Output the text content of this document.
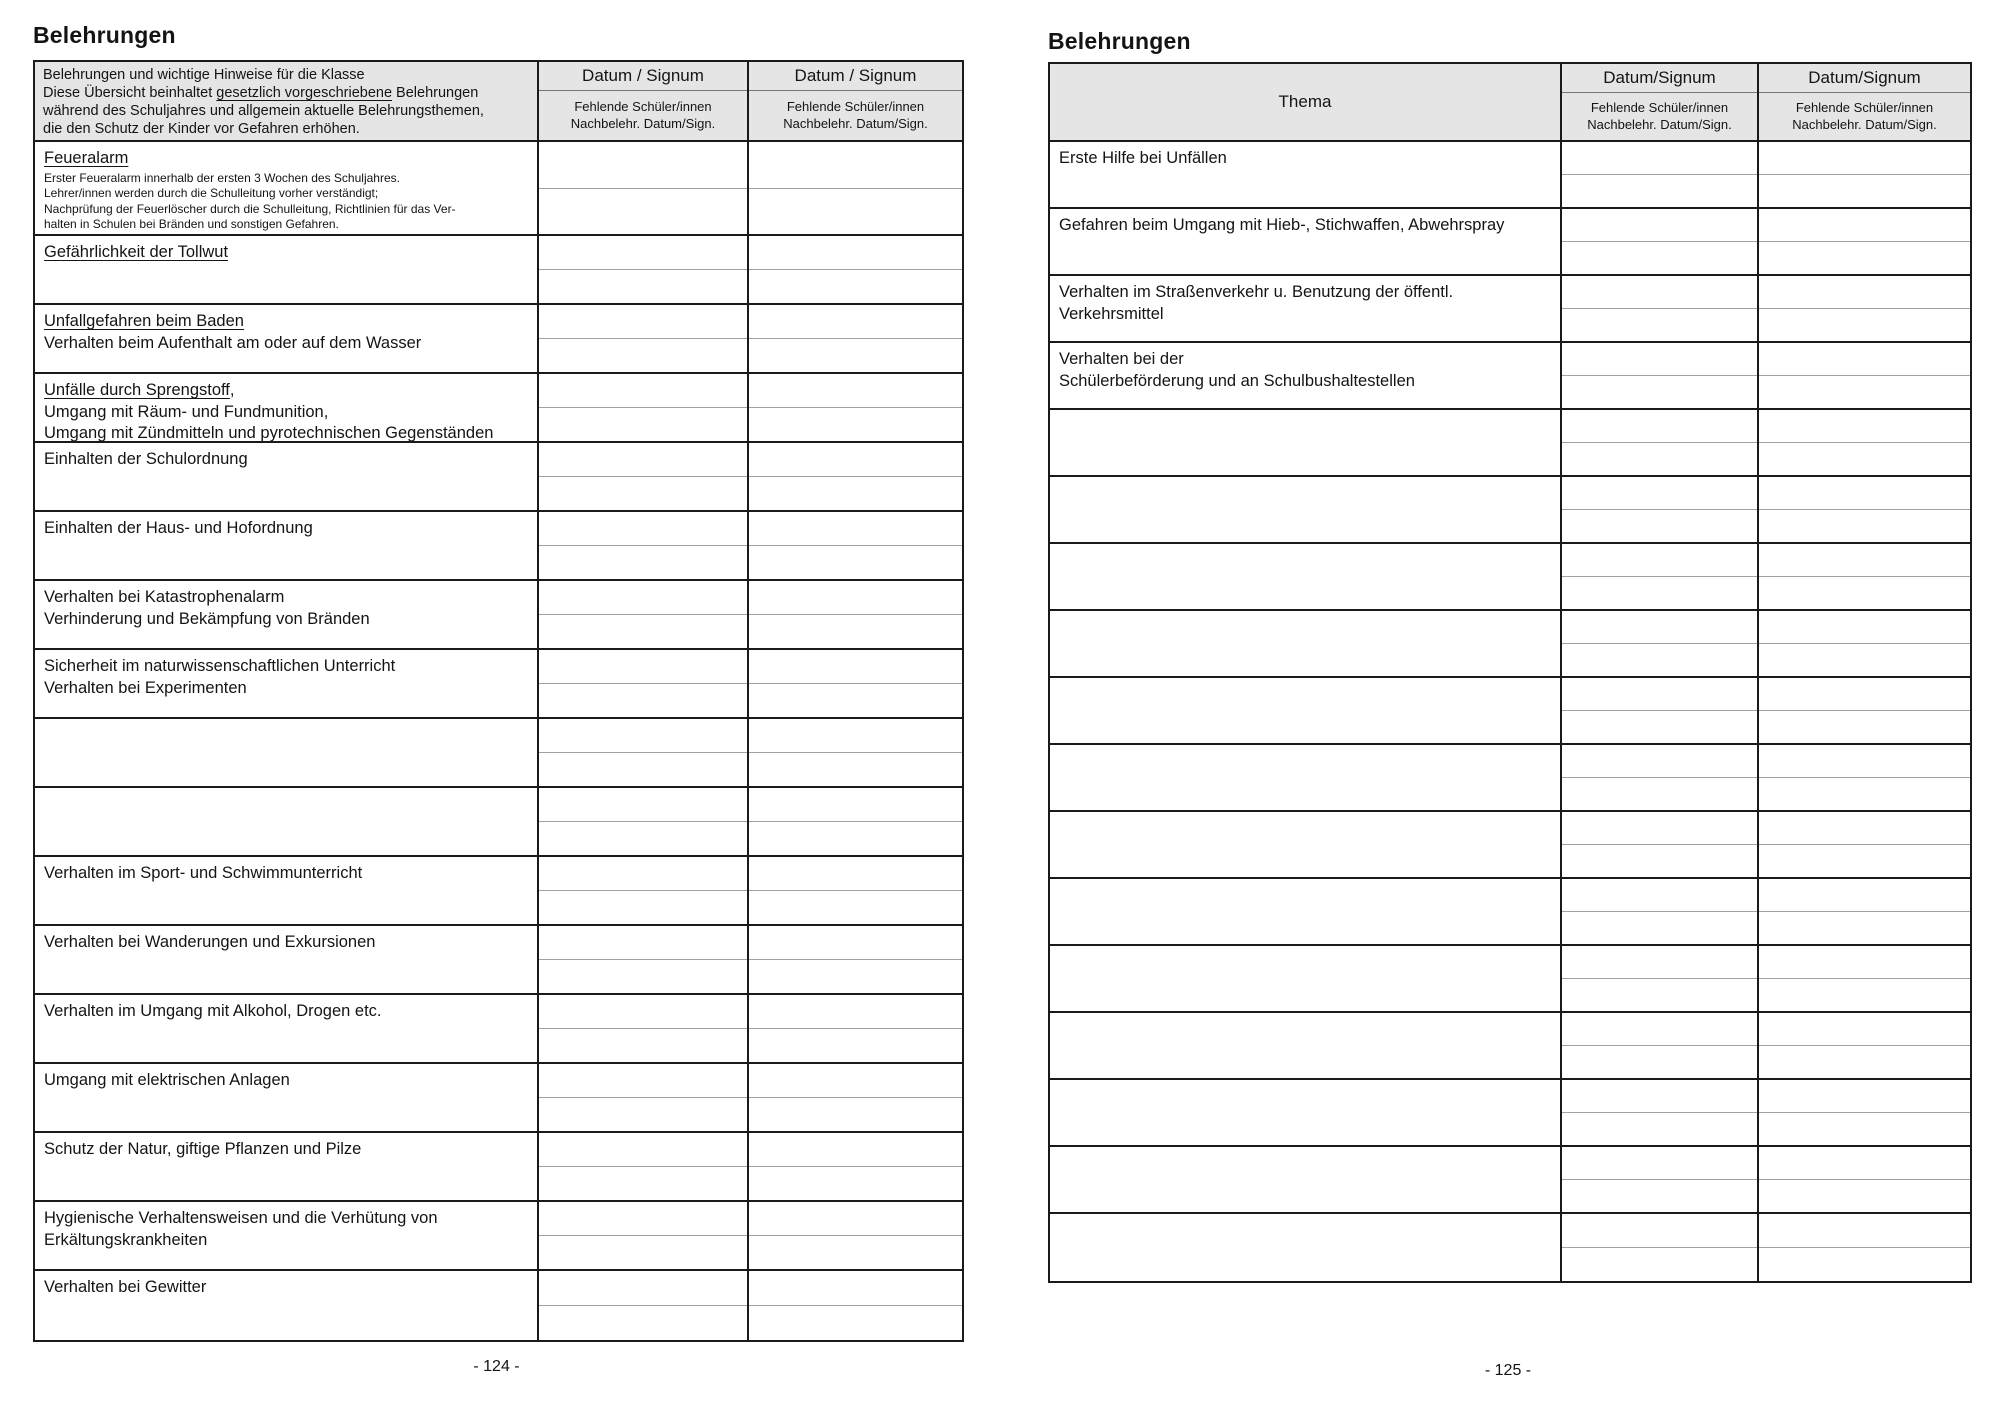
Belehrungen
Belehrungen und wichtige Hinweise für die Klasse
Diese Übersicht beinhaltet gesetzlich vorgeschriebene Belehrungen
während des Schuljahres und allgemein aktuelle Belehrungsthemen,
die den Schutz der Kinder vor Gefahren erhöhen.
Datum / Signum
Fehlende Schüler/innen
Nachbelehr. Datum/Sign.
Datum / Signum
Fehlende Schüler/innen
Nachbelehr. Datum/Sign.
Feueralarm
Erster Feueralarm innerhalb der ersten 3 Wochen des Schuljahres.
Lehrer/innen werden durch die Schulleitung vorher verständigt;
Nachprüfung der Feuerlöscher durch die Schulleitung, Richtlinien für das Ver-
halten in Schulen bei Bränden und sonstigen Gefahren.
Gefährlichkeit der Tollwut
Unfallgefahren beim Baden
Verhalten beim Aufenthalt am oder auf dem Wasser
Unfälle durch Sprengstoff,
Umgang mit Räum- und Fundmunition,
Umgang mit Zündmitteln und pyrotechnischen Gegenständen
Einhalten der Schulordnung
Einhalten der Haus- und Hofordnung
Verhalten bei Katastrophenalarm
Verhinderung und Bekämpfung von Bränden
Sicherheit im naturwissenschaftlichen Unterricht
Verhalten bei Experimenten
Verhalten im Sport- und Schwimmunterricht
Verhalten bei Wanderungen und Exkursionen
Verhalten im Umgang mit Alkohol, Drogen etc.
Umgang mit elektrischen Anlagen
Schutz der Natur, giftige Pflanzen und Pilze
Hygienische Verhaltensweisen und die Verhütung von
Erkältungskrankheiten
Verhalten bei Gewitter
- 124 -
Belehrungen
Thema
Datum/Signum
Fehlende Schüler/innen
Nachbelehr. Datum/Sign.
Datum/Signum
Fehlende Schüler/innen
Nachbelehr. Datum/Sign.
Erste Hilfe bei Unfällen
Gefahren beim Umgang mit Hieb-, Stichwaffen, Abwehrspray
Verhalten im Straßenverkehr u. Benutzung der öffentl.
Verkehrsmittel
Verhalten bei der
Schülerbeförderung und an Schulbushaltestellen
- 125 -
